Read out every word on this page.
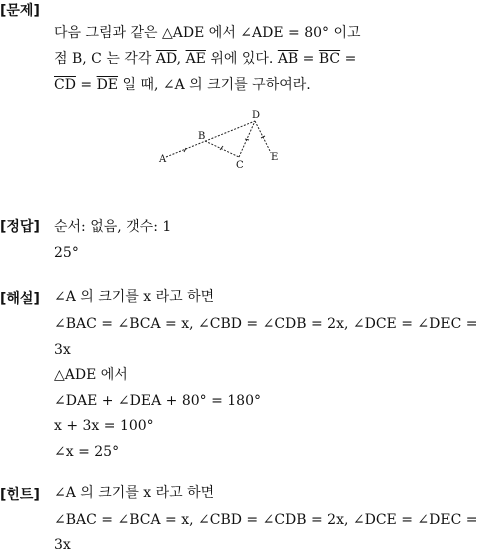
[문제]
다음 그림과 같은 △ADE 에서 ∠ADE = 80° 이고
점 B, C 는 각각 $\overline{AD}$, $\overline{AE}$ 위에 있다. $\overline{AB} = \overline{BC}$ =
$\overline{CD} = \overline{DE}$ 일 때, ∠A 의 크기를 구하여라.
A
B
C
D
E
[정답] 순서: 없음, 갯수: 1
25°
[해설] ∠A 의 크기를 x 라고 하면
∠BAC = ∠BCA = x, ∠CBD = ∠CDB = 2x, ∠DCE = ∠DEC =
3x
△ADE 에서
∠DAE + ∠DEA + 80° = 180°
x + 3x = 100°
∠x = 25°
[힌트] ∠A 의 크기를 x 라고 하면
∠BAC = ∠BCA = x, ∠CBD = ∠CDB = 2x, ∠DCE = ∠DEC =
3x
